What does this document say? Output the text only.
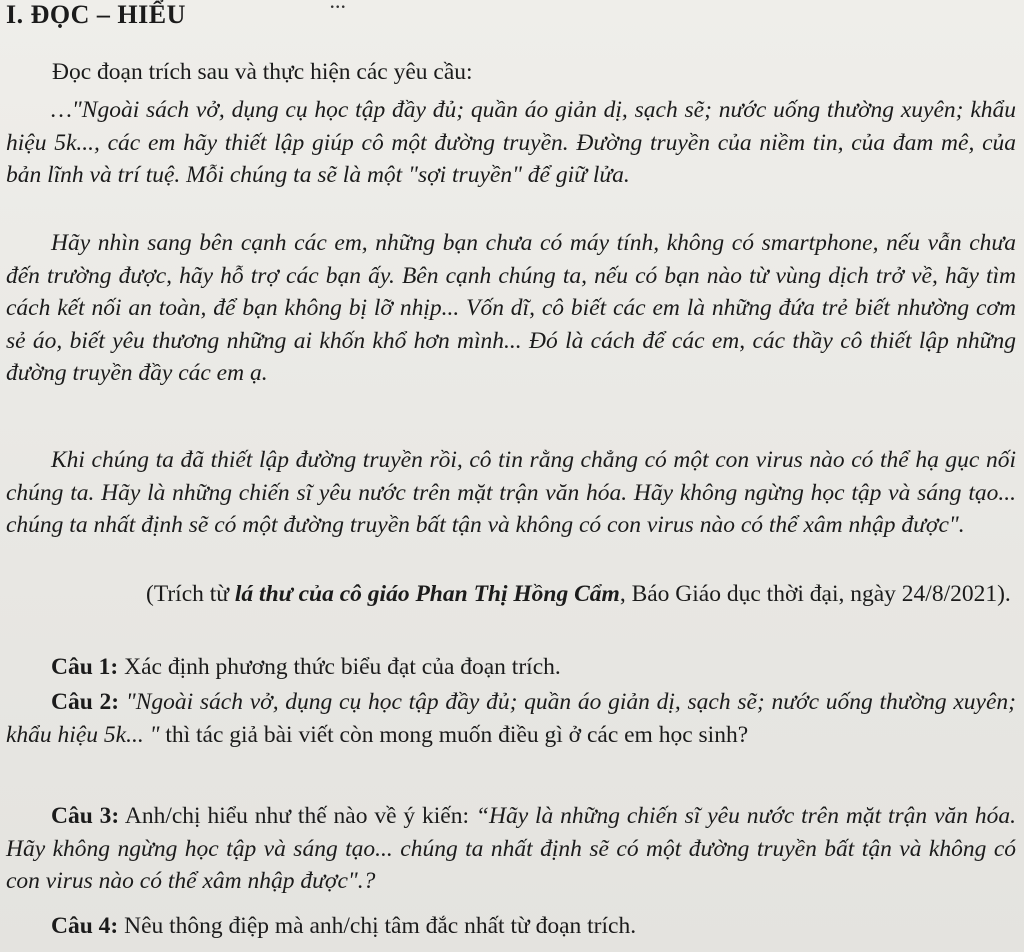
...
I. ĐỌC – HIỂU
Đọc đoạn trích sau và thực hiện các yêu cầu:
…"Ngoài sách vở, dụng cụ học tập đầy đủ; quần áo giản dị, sạch sẽ; nước uống thường xuyên; khẩu hiệu 5k..., các em hãy thiết lập giúp cô một đường truyền. Đường truyền của niềm tin, của đam mê, của bản lĩnh và trí tuệ. Mỗi chúng ta sẽ là một "sợi truyền" để giữ lửa.
Hãy nhìn sang bên cạnh các em, những bạn chưa có máy tính, không có smartphone, nếu vẫn chưa đến trường được, hãy hỗ trợ các bạn ấy. Bên cạnh chúng ta, nếu có bạn nào từ vùng dịch trở về, hãy tìm cách kết nối an toàn, để bạn không bị lỡ nhịp... Vốn dĩ, cô biết các em là những đứa trẻ biết nhường cơm sẻ áo, biết yêu thương những ai khốn khổ hơn mình... Đó là cách để các em, các thầy cô thiết lập những đường truyền đầy các em ạ.
Khi chúng ta đã thiết lập đường truyền rồi, cô tin rằng chẳng có một con virus nào có thể hạ gục nối chúng ta. Hãy là những chiến sĩ yêu nước trên mặt trận văn hóa. Hãy không ngừng học tập và sáng tạo... chúng ta nhất định sẽ có một đường truyền bất tận và không có con virus nào có thể xâm nhập được".
(Trích từ lá thư của cô giáo Phan Thị Hồng Cẩm, Báo Giáo dục thời đại, ngày 24/8/2021).
Câu 1: Xác định phương thức biểu đạt của đoạn trích.
Câu 2: "Ngoài sách vở, dụng cụ học tập đầy đủ; quần áo giản dị, sạch sẽ; nước uống thường xuyên; khẩu hiệu 5k... " thì tác giả bài viết còn mong muốn điều gì ở các em học sinh?
Câu 3: Anh/chị hiểu như thế nào về ý kiến: “Hãy là những chiến sĩ yêu nước trên mặt trận văn hóa. Hãy không ngừng học tập và sáng tạo... chúng ta nhất định sẽ có một đường truyền bất tận và không có con virus nào có thể xâm nhập được".?
Câu 4: Nêu thông điệp mà anh/chị tâm đắc nhất từ đoạn trích.
